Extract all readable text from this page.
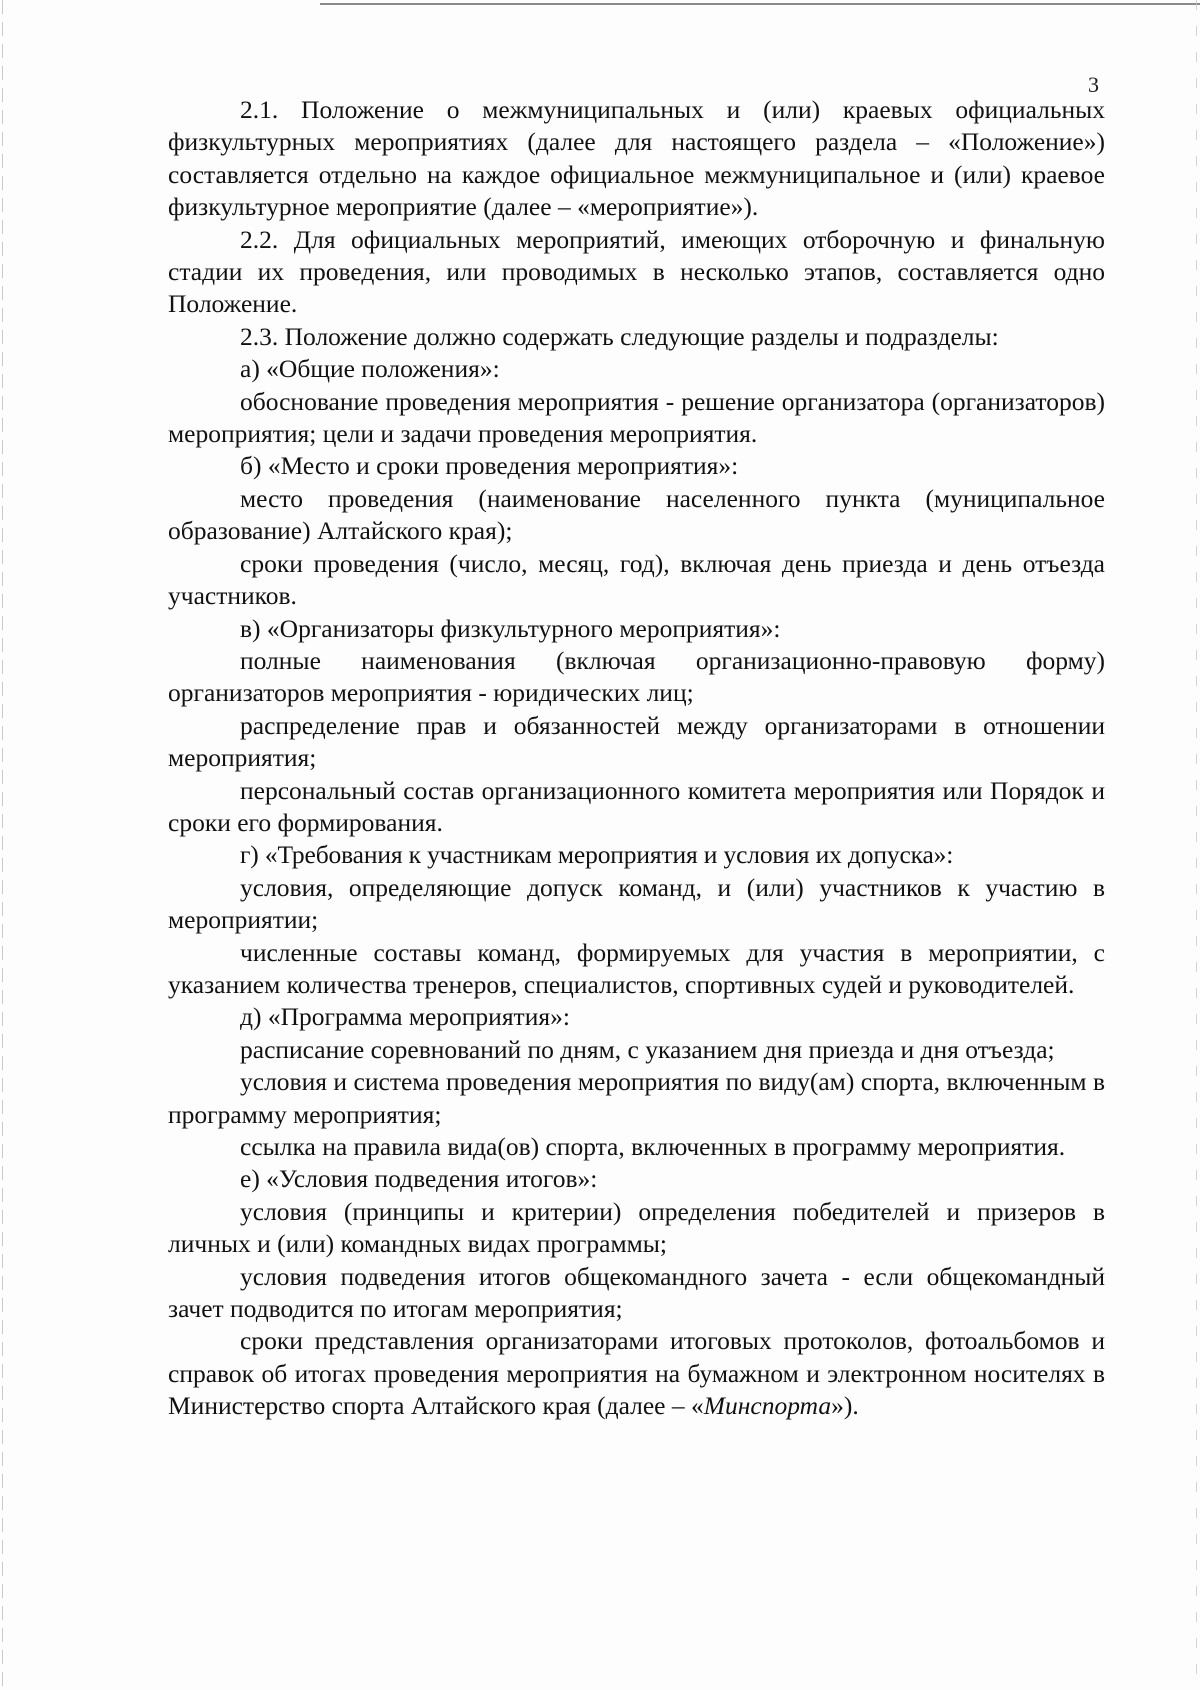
3

2.1. Положение о межмуниципальных и (или) краевых официальных физкультурных мероприятиях (далее для настоящего раздела – «Положение») составляется отдельно на каждое официальное межмуниципальное и (или) краевое физкультурное мероприятие (далее – «мероприятие»).

2.2. Для официальных мероприятий, имеющих отборочную и финальную стадии их проведения, или проводимых в несколько этапов, составляется одно Положение.

2.3. Положение должно содержать следующие разделы и подразделы:

а) «Общие положения»:

обоснование проведения мероприятия - решение организатора (организаторов) мероприятия; цели и задачи проведения мероприятия.

б) «Место и сроки проведения мероприятия»:

место проведения (наименование населенного пункта (муниципальное образование) Алтайского края);

сроки проведения (число, месяц, год), включая день приезда и день отъезда участников.

в) «Организаторы физкультурного мероприятия»:

полные наименования (включая организационно-правовую форму) организаторов мероприятия - юридических лиц;

распределение прав и обязанностей между организаторами в отношении мероприятия;

персональный состав организационного комитета мероприятия или Порядок и сроки его формирования.

г) «Требования к участникам мероприятия и условия их допуска»:

условия, определяющие допуск команд, и (или) участников к участию в мероприятии;

численные составы команд, формируемых для участия в мероприятии, с указанием количества тренеров, специалистов, спортивных судей и руководителей.

д) «Программа мероприятия»:

расписание соревнований по дням, с указанием дня приезда и дня отъезда;

условия и система проведения мероприятия по виду(ам) спорта, включенным в программу мероприятия;

ссылка на правила вида(ов) спорта, включенных в программу мероприятия.

е) «Условия подведения итогов»:

условия (принципы и критерии) определения победителей и призеров в личных и (или) командных видах программы;

условия подведения итогов общекомандного зачета - если общекомандный зачет подводится по итогам мероприятия;

сроки представления организаторами итоговых протоколов, фотоальбомов и справок об итогах проведения мероприятия на бумажном и электронном носителях в Министерство спорта Алтайского края (далее – «Минспорта»).
